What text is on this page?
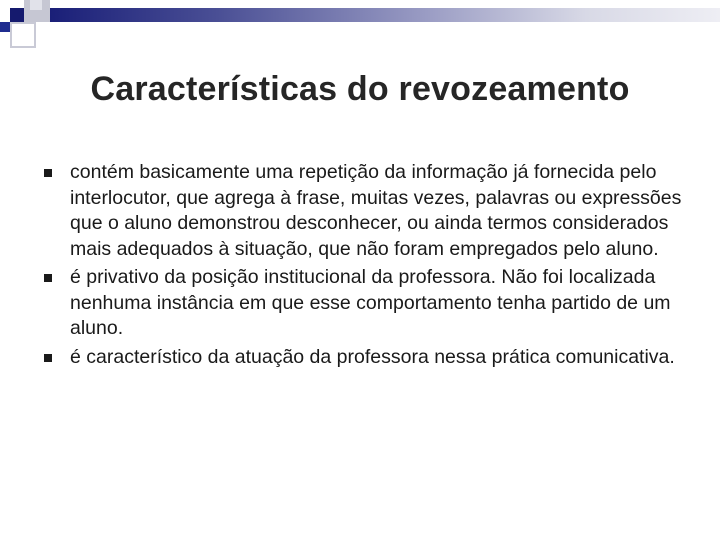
Características do revozeamento
contém basicamente uma repetição da informação já fornecida pelo interlocutor, que agrega à frase, muitas vezes, palavras ou expressões que o aluno demonstrou desconhecer, ou ainda termos considerados mais adequados à situação, que não foram empregados pelo aluno.
é privativo da posição institucional da professora. Não foi localizada nenhuma instância em que esse comportamento tenha partido de um aluno.
é característico da atuação da professora nessa prática comunicativa.
